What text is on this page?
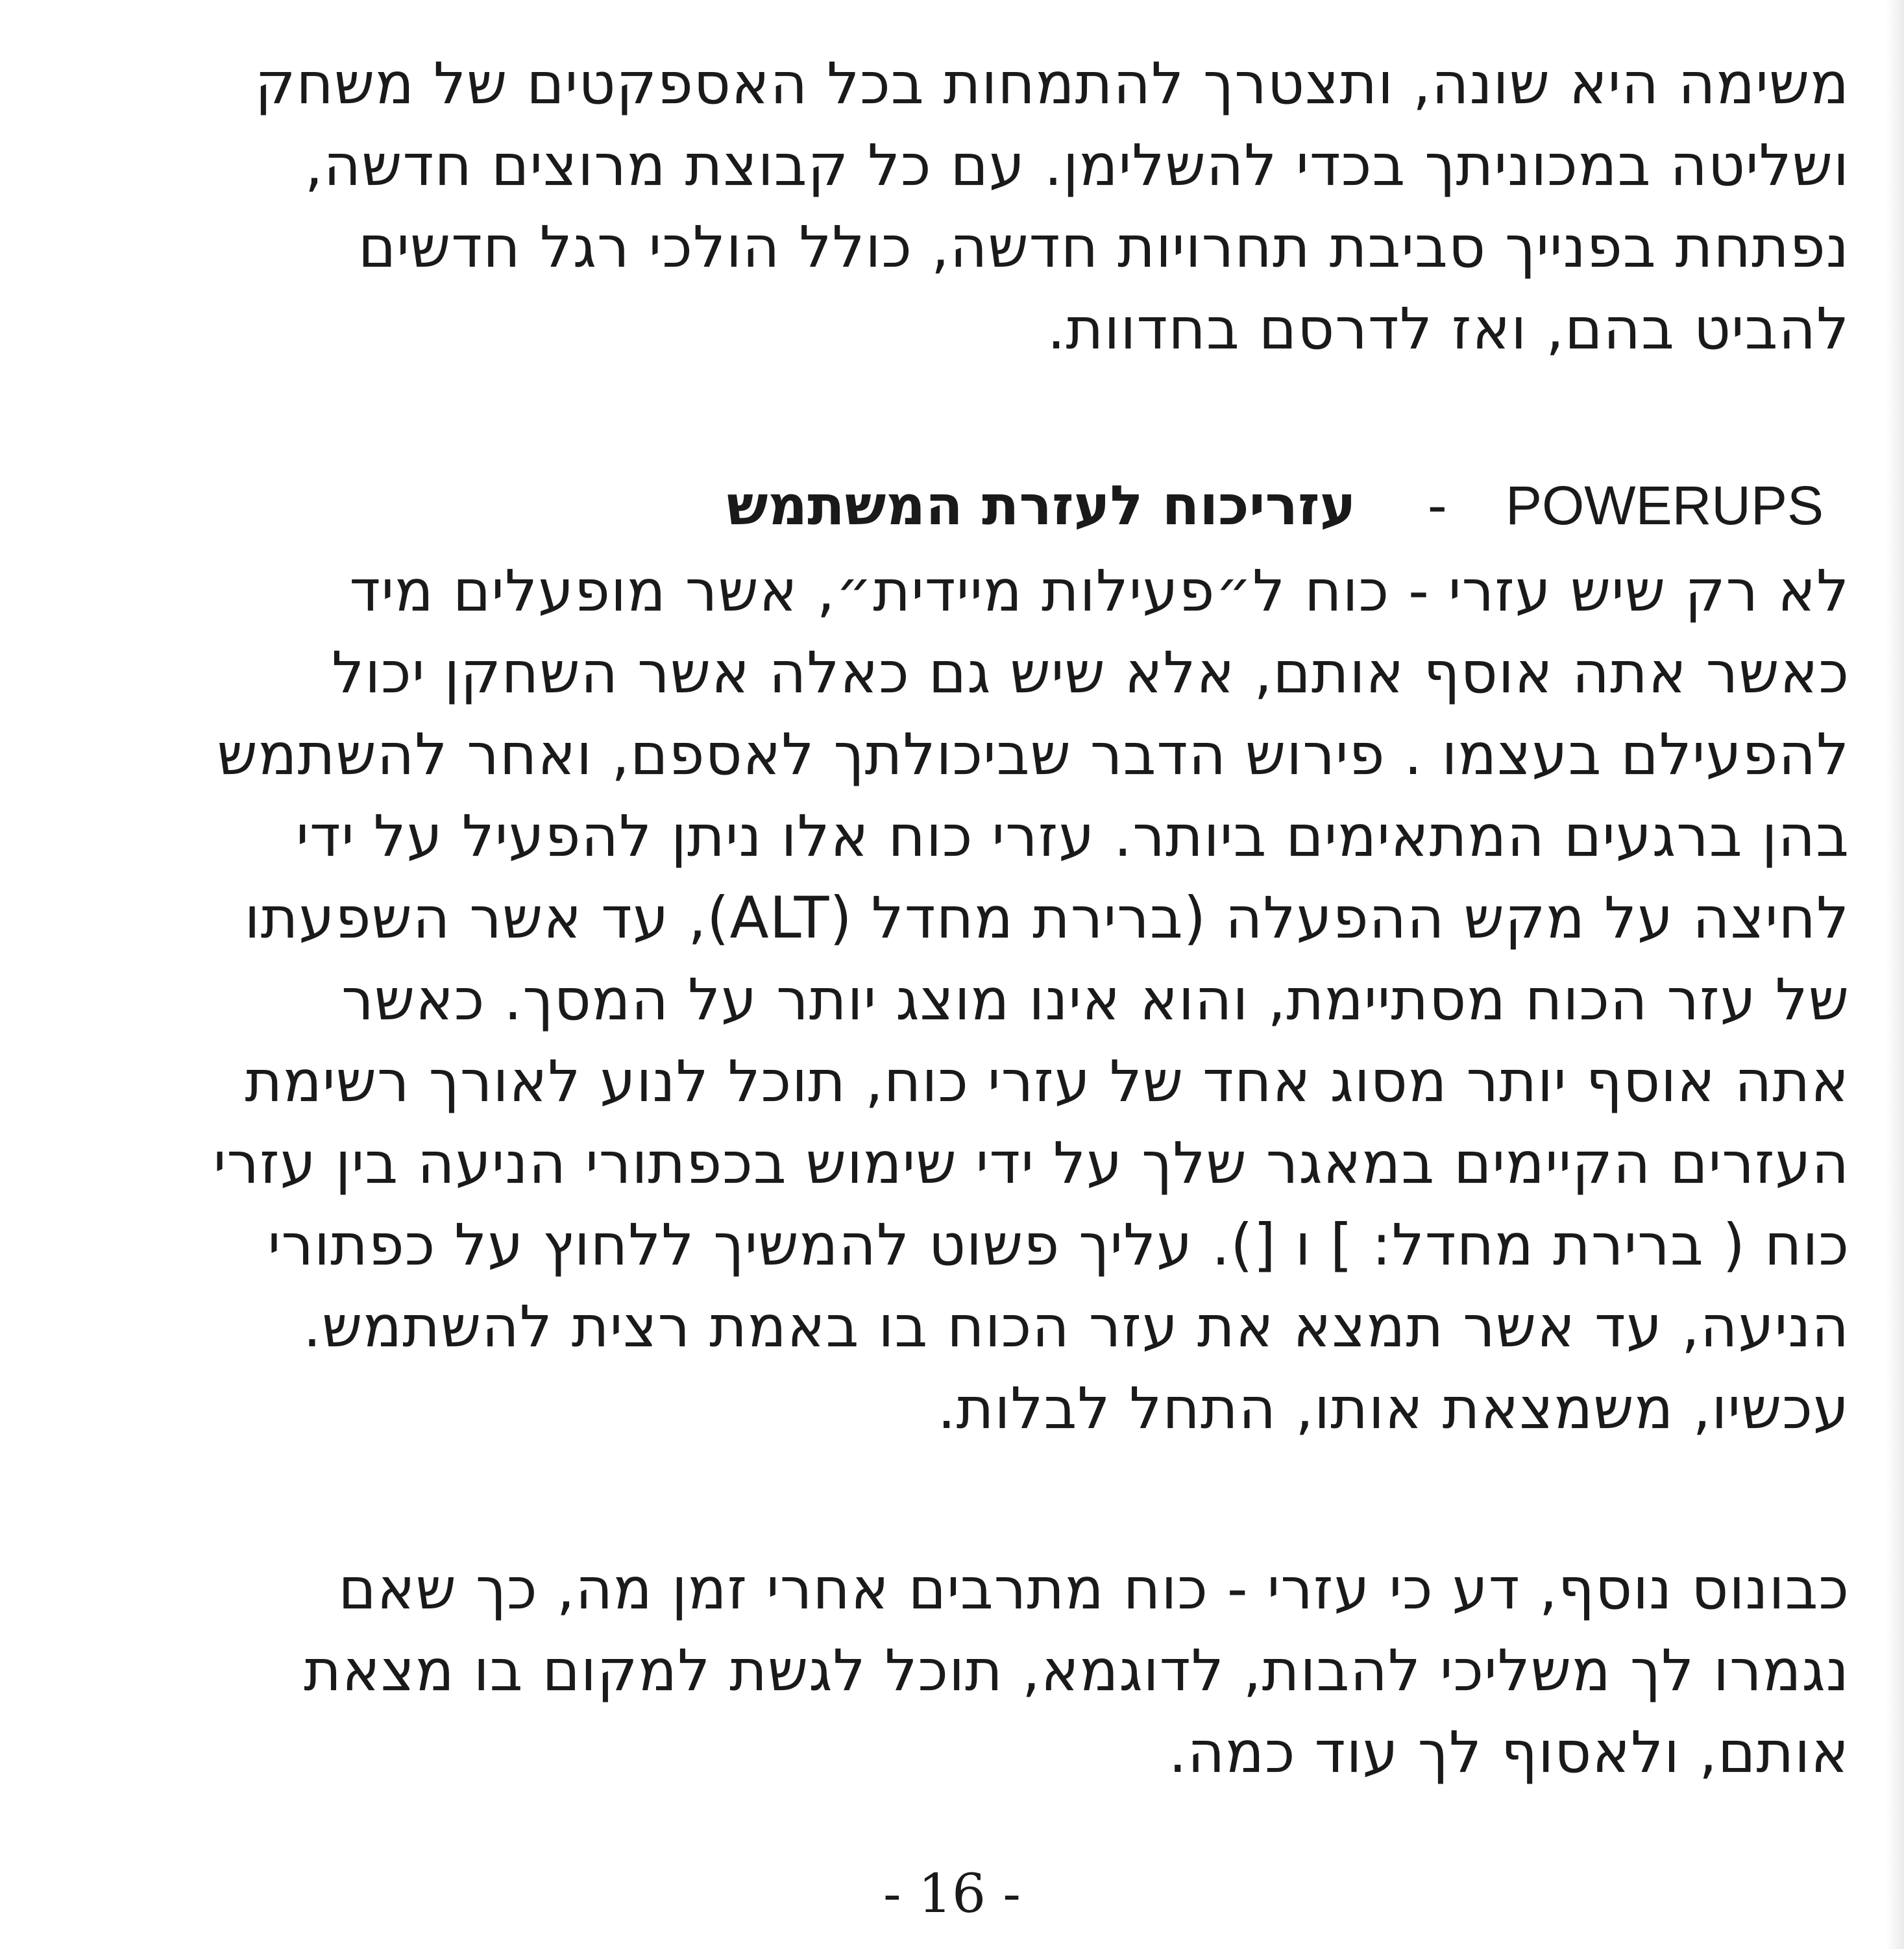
משימה היא שונה, ותצטרך להתמחות בכל האספקטים של משחק
ושליטה במכוניתך בכדי להשלימן. עם כל קבוצת מרוצים חדשה,
נפתחת בפנייך סביבת תחרויות חדשה, כולל הולכי רגל חדשים
להביט בהם, ואז לדרסם בחדוות.
POWERUPS-עזריכוח לעזרת המשתמש
לא רק שיש עזרי - כוח ל״פעילות מיידית״, אשר מופעלים מיד
כאשר אתה אוסף אותם, אלא שיש גם כאלה אשר השחקן יכול
להפעילם בעצמו . פירוש הדבר שביכולתך לאספם, ואחר להשתמש
בהן ברגעים המתאימים ביותר. עזרי כוח אלו ניתן להפעיל על ידי
לחיצה על מקש ההפעלה (ברירת מחדל (ALT), עד אשר השפעתו
של עזר הכוח מסתיימת, והוא אינו מוצג יותר על המסך. כאשר
אתה אוסף יותר מסוג אחד של עזרי כוח, תוכל לנוע לאורך רשימת
העזרים הקיימים במאגר שלך על ידי שימוש בכפתורי הניעה בין עזרי
כוח ( ברירת מחדל: ] ו [). עליך פשוט להמשיך ללחוץ על כפתורי
הניעה, עד אשר תמצא את עזר הכוח בו באמת רצית להשתמש.
עכשיו, משמצאת אותו, התחל לבלות.
כבונוס נוסף, דע כי עזרי - כוח מתרבים אחרי זמן מה, כך שאם
נגמרו לך משליכי להבות, לדוגמא, תוכל לגשת למקום בו מצאת
אותם, ולאסוף לך עוד כמה.
- 16 -
